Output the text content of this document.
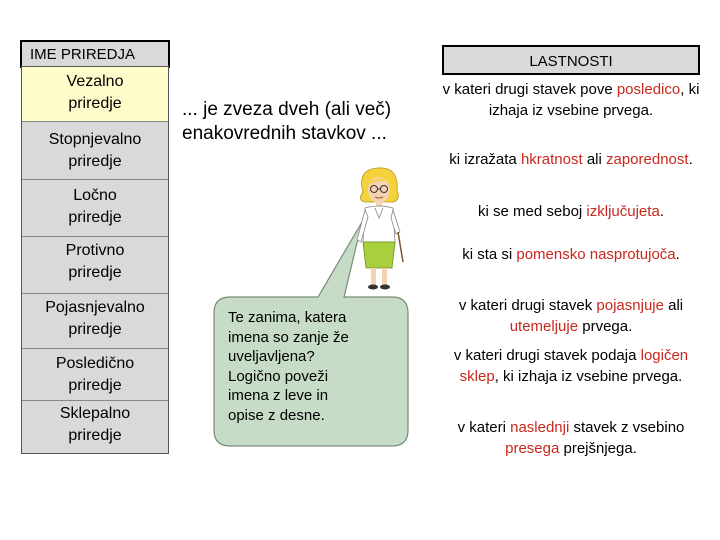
IME PRIREDJA
Vezalno
priredje
Stopnjevalno
priredje
Ločno
priredje
Protivno
priredje
Pojasnjevalno
priredje
Posledično
priredje
Sklepalno
priredje
... je zveza dveh (ali več)
enakovrednih stavkov ...
LASTNOSTI
v kateri drugi stavek pove posledico, ki izhaja iz vsebine prvega.
ki izražata hkratnost ali zaporednost.
ki se med seboj izključujeta.
ki sta si pomensko nasprotujoča.
v kateri drugi stavek pojasnjuje ali utemeljuje prvega.
v kateri drugi stavek podaja logičen sklep, ki izhaja iz vsebine prvega.
v kateri naslednji stavek z vsebino presega prejšnjega.
Te zanima, katera
imena so zanje že
uveljavljena?
Logično poveži
imena z leve in
opise z desne.
